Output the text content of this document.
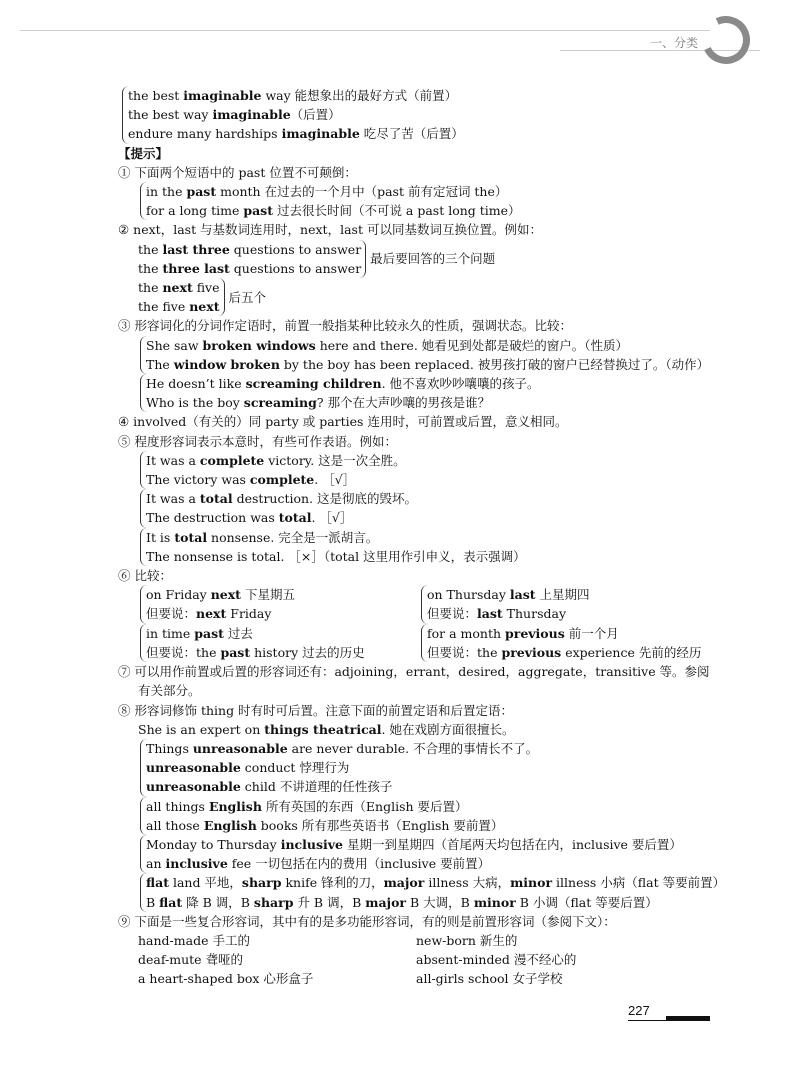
一、分类
the best imaginable way 能想象出的最好方式（前置）
the best way imaginable（后置）
endure many hardships imaginable 吃尽了苦（后置）
【提示】
① 下面两个短语中的 past 位置不可颠倒：
in the past month 在过去的一个月中（past 前有定冠词 the）
for a long time past 过去很长时间（不可说 a past long time）
② next，last 与基数词连用时，next，last 可以同基数词互换位置。例如：
the last three questions to answer
the three last questions to answer
最后要回答的三个问题
the next five
the five next
后五个
③ 形容词化的分词作定语时，前置一般指某种比较永久的性质，强调状态。比较：
She saw broken windows here and there. 她看见到处都是破烂的窗户。（性质）
The window broken by the boy has been replaced. 被男孩打破的窗户已经替换过了。（动作）
He doesn’t like screaming children. 他不喜欢吵吵嚷嚷的孩子。
Who is the boy screaming? 那个在大声吵嚷的男孩是谁？
④ involved（有关的）同 party 或 parties 连用时，可前置或后置，意义相同。
⑤ 程度形容词表示本意时，有些可作表语。例如：
It was a complete victory. 这是一次全胜。
The victory was complete. ［√］
It was a total destruction. 这是彻底的毁坏。
The destruction was total. ［√］
It is total nonsense. 完全是一派胡言。
The nonsense is total. ［×］（total 这里用作引申义，表示强调）
⑥ 比较：
on Friday next 下星期五
但要说：next Friday
on Thursday last 上星期四
但要说：last Thursday
in time past 过去
但要说：the past history 过去的历史
for a month previous 前一个月
但要说：the previous experience 先前的经历
⑦ 可以用作前置或后置的形容词还有：adjoining，errant，desired，aggregate，transitive 等。参阅
有关部分。
⑧ 形容词修饰 thing 时有时可后置。注意下面的前置定语和后置定语：
She is an expert on things theatrical. 她在戏剧方面很擅长。
Things unreasonable are never durable. 不合理的事情长不了。
unreasonable conduct 悖理行为
unreasonable child 不讲道理的任性孩子
all things English 所有英国的东西（English 要后置）
all those English books 所有那些英语书（English 要前置）
Monday to Thursday inclusive 星期一到星期四（首尾两天均包括在内，inclusive 要后置）
an inclusive fee 一切包括在内的费用（inclusive 要前置）
flat land 平地，sharp knife 锋利的刀，major illness 大病，minor illness 小病（flat 等要前置）
B flat 降 B 调，B sharp 升 B 调，B major B 大调，B minor B 小调（flat 等要后置）
⑨ 下面是一些复合形容词，其中有的是多功能形容词，有的则是前置形容词（参阅下文）：
hand-made 手工的	new-born 新生的
deaf-mute 聋哑的	absent-minded 漫不经心的
a heart-shaped box 心形盒子	all-girls school 女子学校
227
